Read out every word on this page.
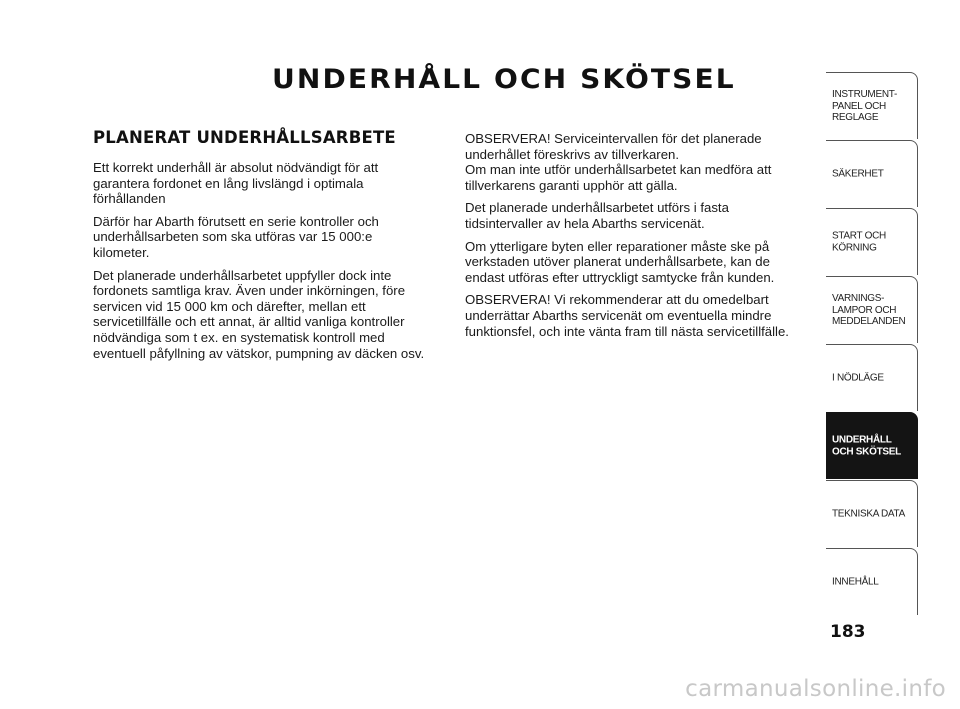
UNDERHÅLL OCH SKÖTSEL
PLANERAT UNDERHÅLLSARBETE

Ett korrekt underhåll är absolut nödvändigt för att
garantera fordonet en lång livslängd i optimala
förhållanden

Därför har Abarth förutsett en serie kontroller och
underhållsarbeten som ska utföras var 15 000:e
kilometer.

Det planerade underhållsarbetet uppfyller dock inte
fordonets samtliga krav. Även under inkörningen, före
servicen vid 15 000 km och därefter, mellan ett
servicetillfälle och ett annat, är alltid vanliga kontroller
nödvändiga som t ex. en systematisk kontroll med
eventuell påfyllning av vätskor, pumpning av däcken osv.

OBSERVERA! Serviceintervallen för det planerade
underhållet föreskrivs av tillverkaren.
Om man inte utför underhållsarbetet kan medföra att
tillverkarens garanti upphör att gälla.

Det planerade underhållsarbetet utförs i fasta
tidsintervaller av hela Abarths servicenät.

Om ytterligare byten eller reparationer måste ske på
verkstaden utöver planerat underhållsarbete, kan de
endast utföras efter uttryckligt samtycke från kunden.

OBSERVERA! Vi rekommenderar att du omedelbart
underrättar Abarths servicenät om eventuella mindre
funktionsfel, och inte vänta fram till nästa servicetillfälle.

INSTRUMENT-
PANEL OCH
REGLAGE
SÄKERHET
START OCH
KÖRNING
VARNINGS-
LAMPOR OCH
MEDDELANDEN
I NÖDLÄGE
UNDERHÅLL
OCH SKÖTSEL
TEKNISKA DATA
INNEHÅLL
183
carmanualsonline.info
